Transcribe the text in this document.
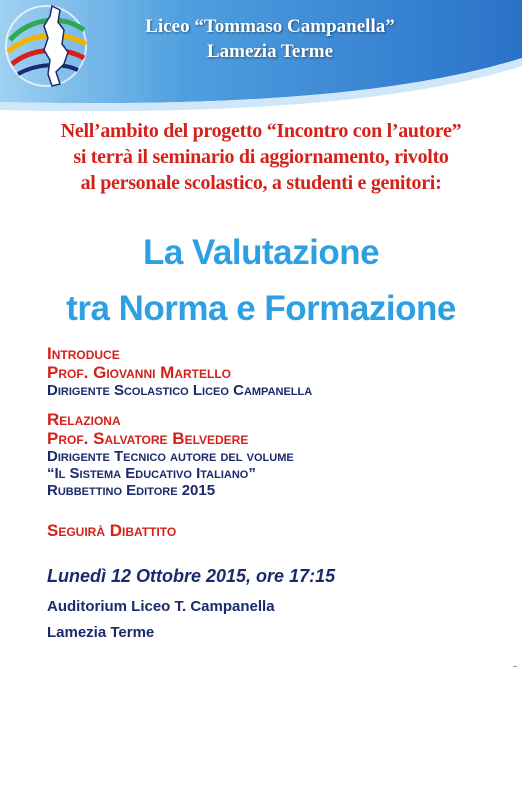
Liceo “Tommaso Campanella”
Lamezia Terme
Nell’ambito del progetto “Incontro con l’autore”
si terrà il seminario di aggiornamento, rivolto
al personale scolastico, a studenti e genitori:
La Valutazione
tra Norma e Formazione
Introduce
Prof. Giovanni Martello
Dirigente Scolastico Liceo Campanella
Relaziona
Prof. Salvatore Belvedere
Dirigente Tecnico autore del volume
“Il Sistema Educativo Italiano”
Rubbettino Editore 2015
Seguirà Dibattito
Lunedì 12 Ottobre 2015, ore 17:15
Auditorium Liceo T. Campanella
Lamezia Terme
